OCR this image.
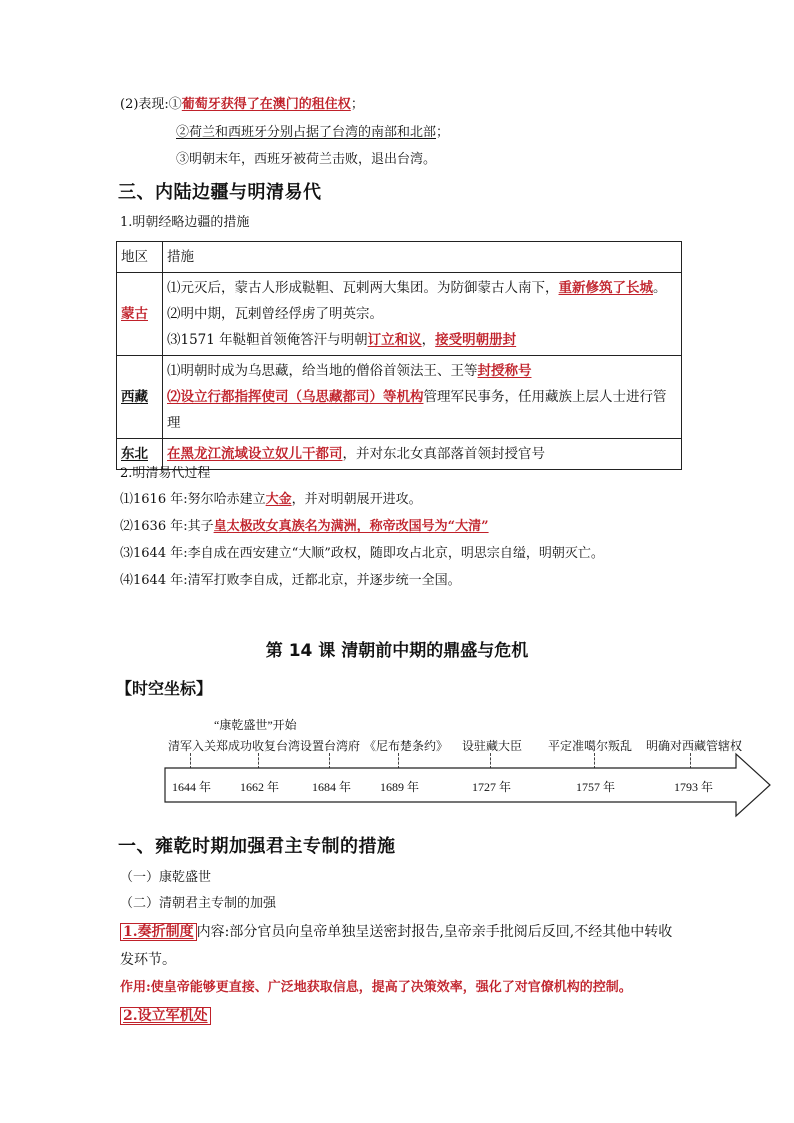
(2)表现:①葡萄牙获得了在澳门的租住权；
②荷兰和西班牙分别占据了台湾的南部和北部；
③明朝末年，西班牙被荷兰击败，退出台湾。
三、内陆边疆与明清易代
1.明朝经略边疆的措施
地区	措施
蒙古	⑴元灭后，蒙古人形成鞑靼、瓦剌两大集团。为防御蒙古人南下，重新修筑了长城。
⑵明中期，瓦剌曾经俘虏了明英宗。
⑶1571 年鞑靼首领俺答汗与明朝订立和议，接受明朝册封

西藏	⑴明朝时成为乌思藏，给当地的僧俗首领法王、王等封授称号
⑵设立行都指挥使司（乌思藏都司）等机构管理军民事务，任用藏族上层人士进行管理

东北	在黑龙江流域设立奴儿干都司，并对东北女真部落首领封授官号
2.明清易代过程
⑴1616 年:努尔哈赤建立大金，并对明朝展开进攻。
⑵1636 年:其子皇太极改女真族名为满洲，称帝改国号为“大清”
⑶1644 年:李自成在西安建立“大顺”政权，随即攻占北京，明思宗自缢，明朝灭亡。
⑷1644 年:清军打败李自成，迁都北京，并逐步统一全国。
第 14 课 清朝前中期的鼎盛与危机
【时空坐标】
“康乾盛世”开始
清军入关 郑成功收复台湾 设置台湾府 《尼布楚条约》 设驻藏大臣 平定准噶尔叛乱 明确对西藏管辖权
1644 年 1662 年	1684 年 1689 年	1727 年	1757 年	1793 年
一、雍乾时期加强君主专制的措施
（一）康乾盛世
（二）清朝君主专制的加强
1.奏折制度 内容:部分官员向皇帝单独呈送密封报告,皇帝亲手批阅后反回,不经其他中转收
发环节。
作用:使皇帝能够更直接、广泛地获取信息，提高了决策效率，强化了对官僚机构的控制。
2.设立军机处
